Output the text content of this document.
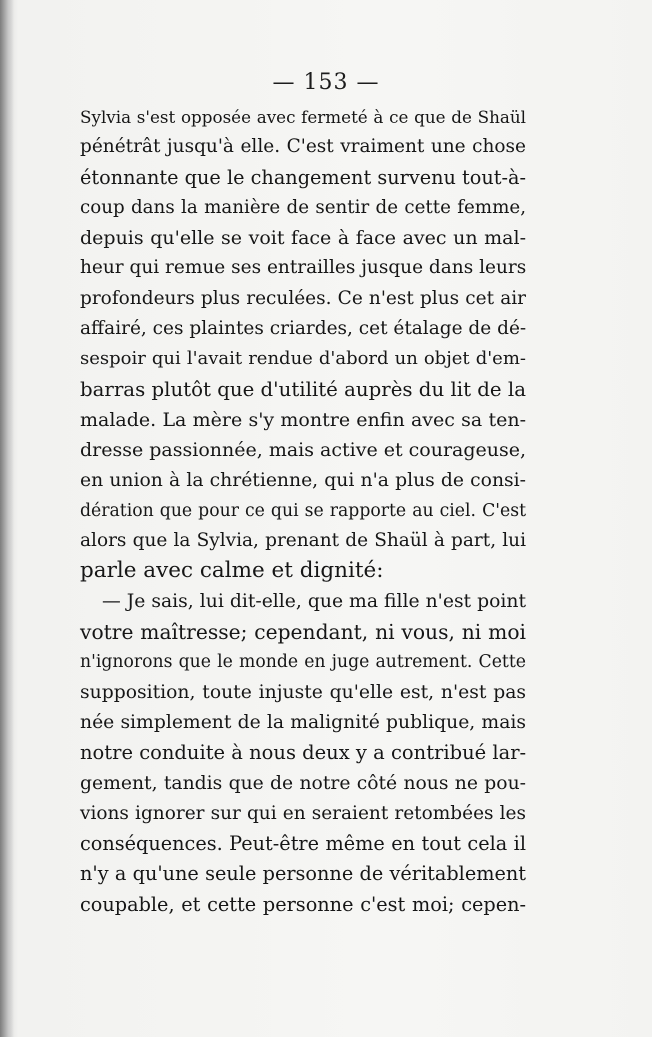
— 153 —
Sylvia s'est opposée avec fermeté à ce que de Shaül
pénétrât jusqu'à elle. C'est vraiment une chose
étonnante que le changement survenu tout-à-
coup dans la manière de sentir de cette femme,
depuis qu'elle se voit face à face avec un mal-
heur qui remue ses entrailles jusque dans leurs
profondeurs plus reculées. Ce n'est plus cet air
affairé, ces plaintes criardes, cet étalage de dé-
sespoir qui l'avait rendue d'abord un objet d'em-
barras plutôt que d'utilité auprès du lit de la
malade. La mère s'y montre enfin avec sa ten-
dresse passionnée, mais active et courageuse,
en union à la chrétienne, qui n'a plus de consi-
dération que pour ce qui se rapporte au ciel. C'est
alors que la Sylvia, prenant de Shaül à part, lui
parle avec calme et dignité:
— Je sais, lui dit-elle, que ma fille n'est point
votre maîtresse; cependant, ni vous, ni moi
n'ignorons que le monde en juge autrement. Cette
supposition, toute injuste qu'elle est, n'est pas
née simplement de la malignité publique, mais
notre conduite à nous deux y a contribué lar-
gement, tandis que de notre côté nous ne pou-
vions ignorer sur qui en seraient retombées les
conséquences. Peut-être même en tout cela il
n'y a qu'une seule personne de véritablement
coupable, et cette personne c'est moi; cepen-
